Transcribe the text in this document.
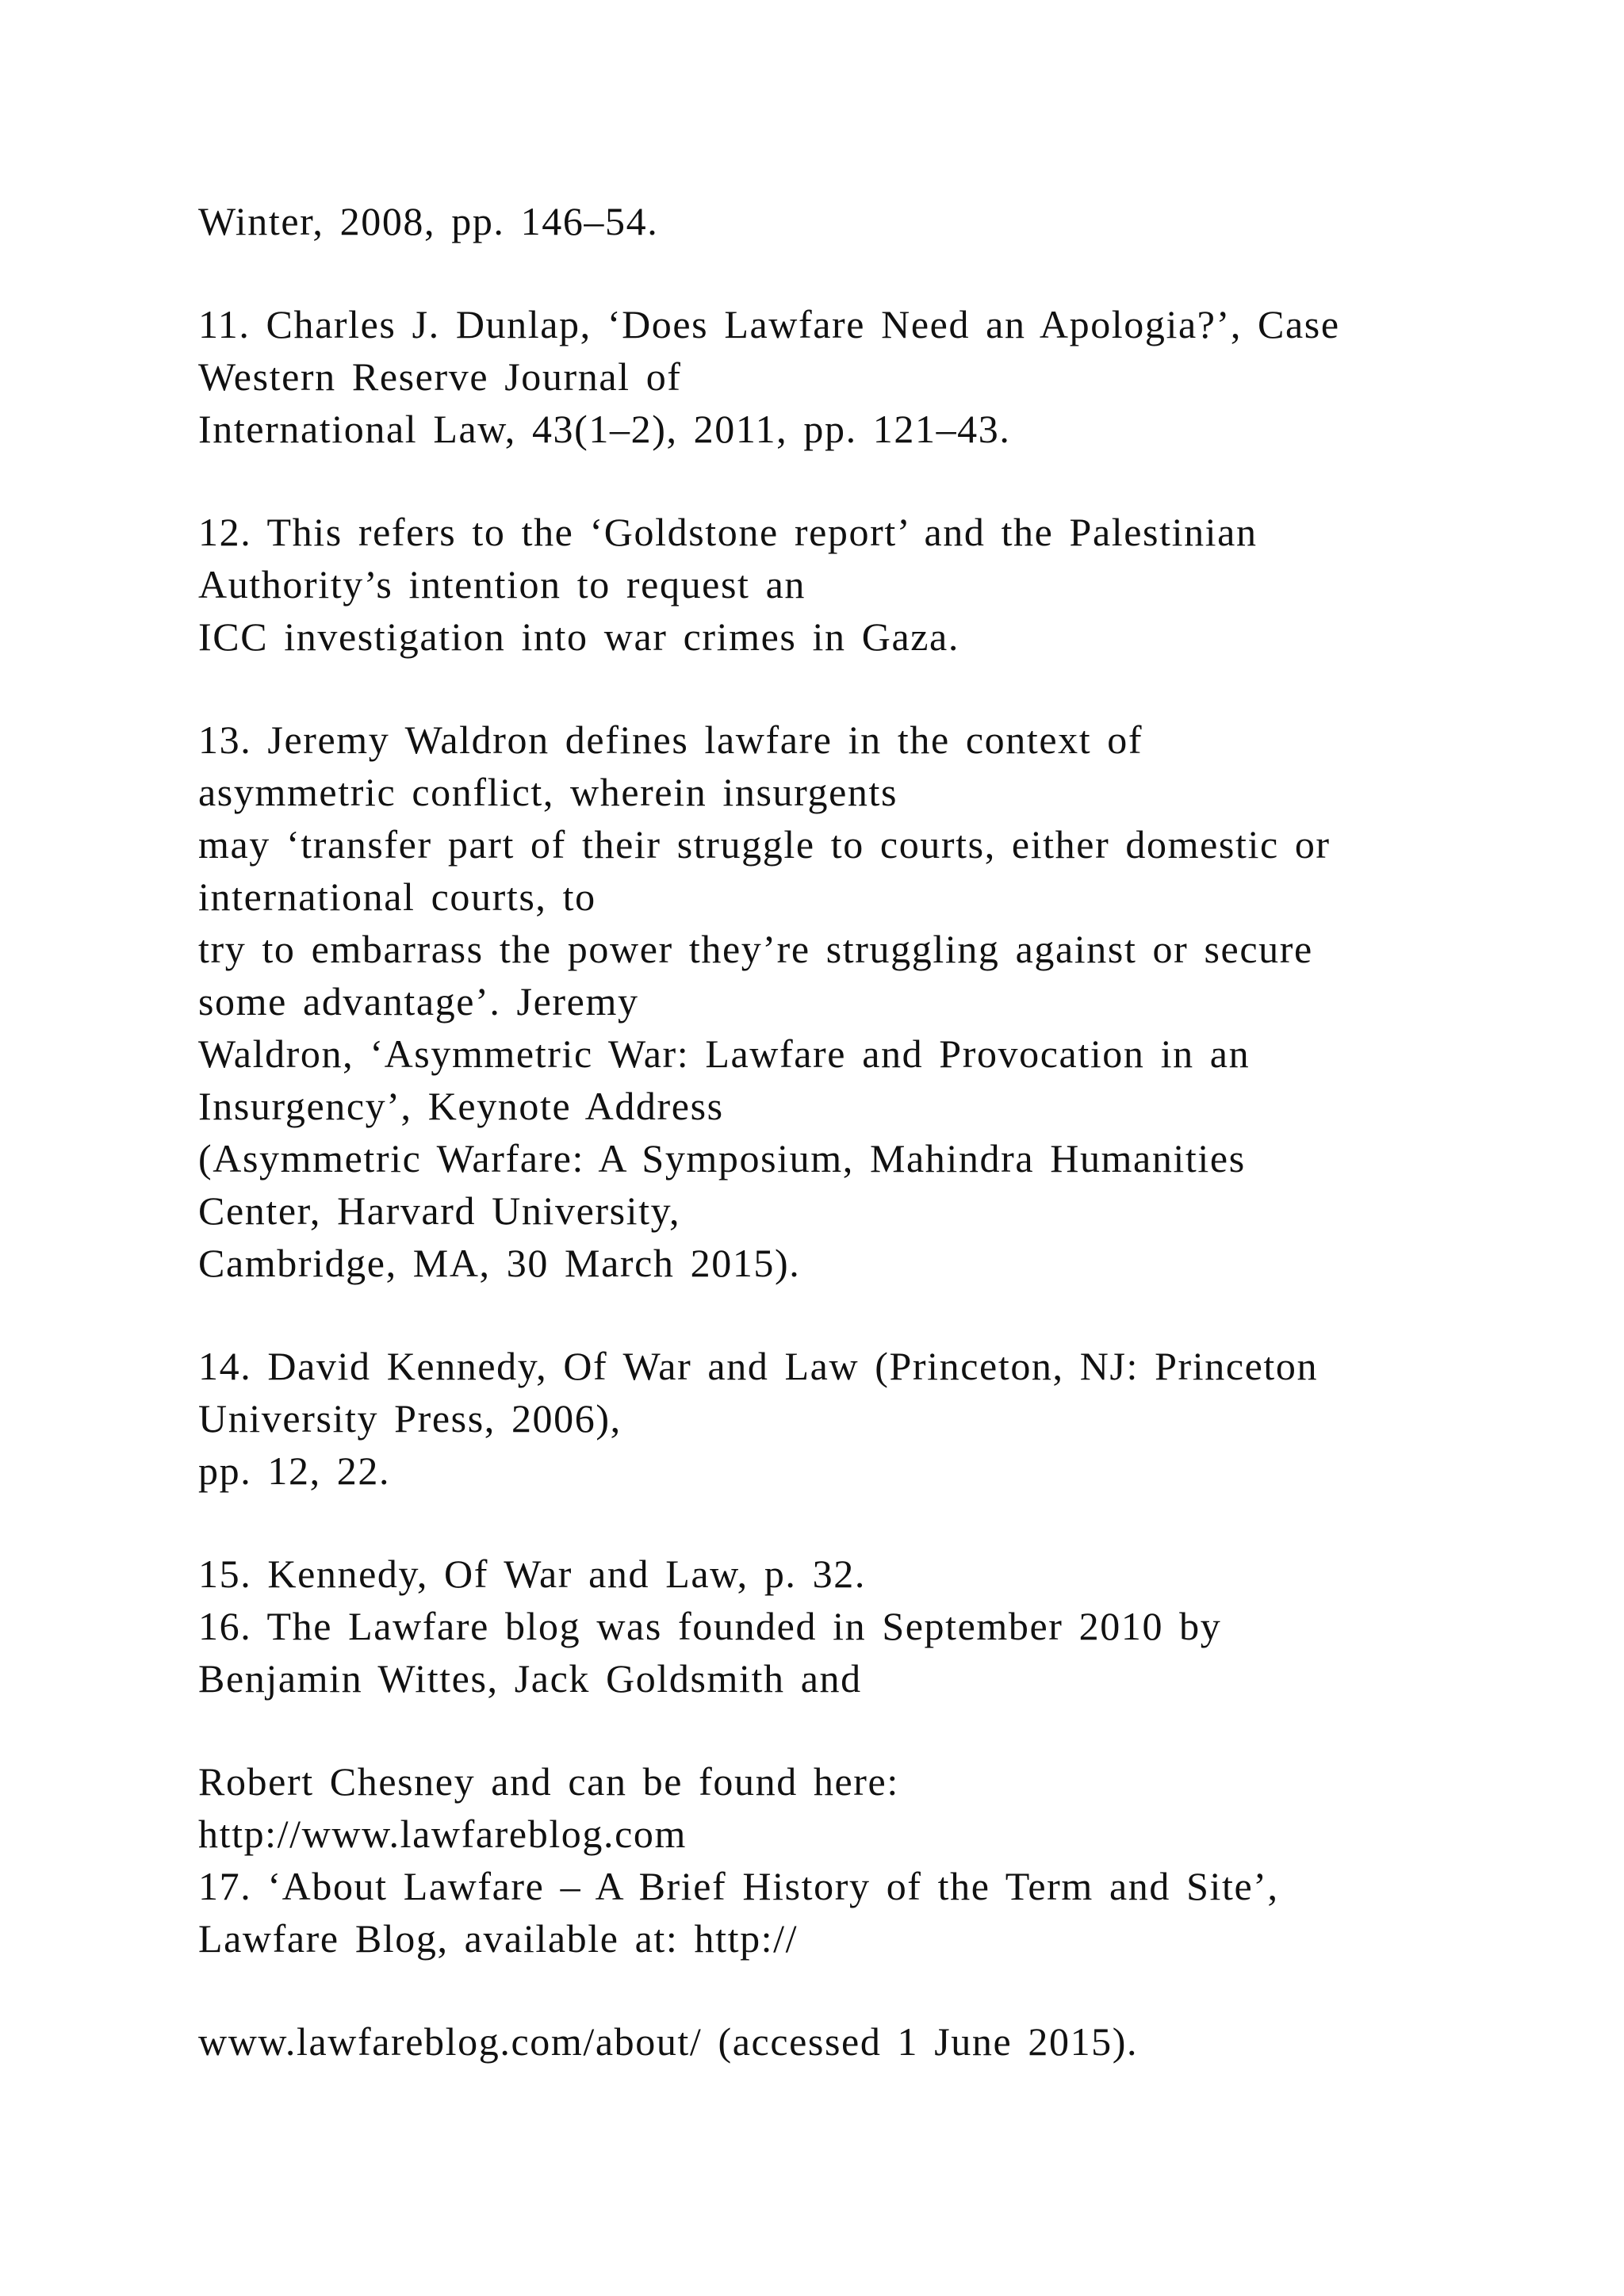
Winter, 2008, pp. 146–54.
11. Charles J. Dunlap, ‘Does Lawfare Need an Apologia?’, Case
Western Reserve Journal of
International Law, 43(1–2), 2011, pp. 121–43.
12. This refers to the ‘Goldstone report’ and the Palestinian
Authority’s intention to request an
ICC investigation into war crimes in Gaza.
13. Jeremy Waldron defines lawfare in the context of
asymmetric conflict, wherein insurgents
may ‘transfer part of their struggle to courts, either domestic or
international courts, to
try to embarrass the power they’re struggling against or secure
some advantage’. Jeremy
Waldron, ‘Asymmetric War: Lawfare and Provocation in an
Insurgency’, Keynote Address
(Asymmetric Warfare: A Symposium, Mahindra Humanities
Center, Harvard University,
Cambridge, MA, 30 March 2015).
14. David Kennedy, Of War and Law (Princeton, NJ: Princeton
University Press, 2006),
pp. 12, 22.
15. Kennedy, Of War and Law, p. 32.
16. The Lawfare blog was founded in September 2010 by
Benjamin Wittes, Jack Goldsmith and
Robert Chesney and can be found here:
http://www.lawfareblog.com
17. ‘About Lawfare – A Brief History of the Term and Site’,
Lawfare Blog, available at: http://
www.lawfareblog.com/about/ (accessed 1 June 2015).
